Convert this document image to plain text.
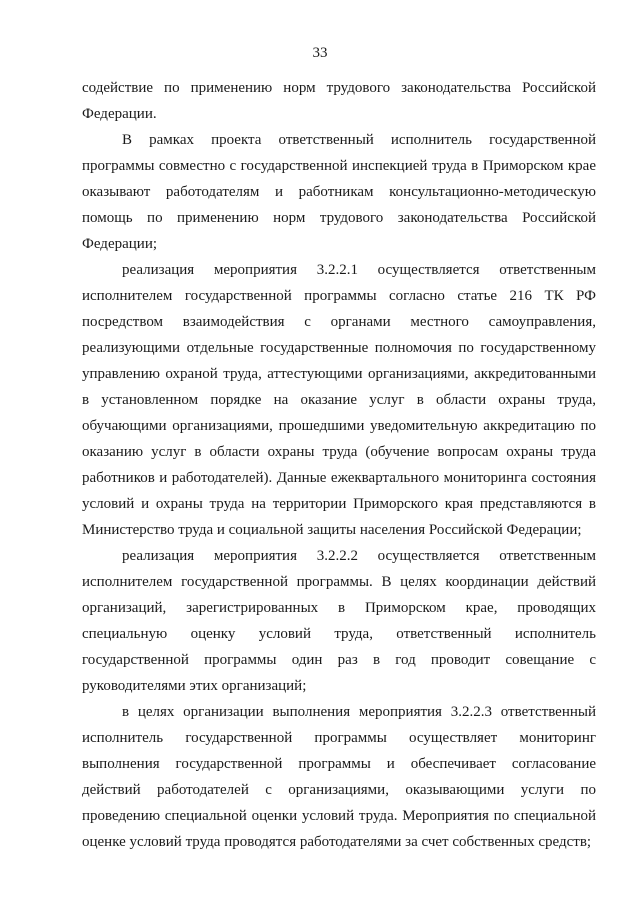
33

содействие по применению норм трудового законодательства Российской
Федерации.

В рамках проекта ответственный исполнитель государственной
программы совместно с государственной инспекцией труда в Приморском крае
оказывают работодателям и работникам консультационно-методическую
помощь по применению норм трудового законодательства Российской
Федерации;

реализация мероприятия 3.2.2.1 осуществляется ответственным
исполнителем государственной программы согласно статье 216 ТК РФ
посредством взаимодействия с органами местного самоуправления,
реализующими отдельные государственные полномочия по государственному
управлению охраной труда, аттестующими организациями, аккредитованными
в установленном порядке на оказание услуг в области охраны труда,
обучающими организациями, прошедшими уведомительную аккредитацию по
оказанию услуг в области охраны труда (обучение вопросам охраны труда
работников и работодателей). Данные ежеквартального мониторинга состояния
условий и охраны труда на территории Приморского края представляются в
Министерство труда и социальной защиты населения Российской Федерации;

реализация мероприятия 3.2.2.2 осуществляется ответственным
исполнителем государственной программы. В целях координации действий
организаций, зарегистрированных в Приморском крае, проводящих
специальную оценку условий труда, ответственный исполнитель
государственной программы один раз в год проводит совещание с
руководителями этих организаций;

в целях организации выполнения мероприятия 3.2.2.3 ответственный
исполнитель государственной программы осуществляет мониторинг
выполнения государственной программы и обеспечивает согласование
действий работодателей с организациями, оказывающими услуги по
проведению специальной оценки условий труда. Мероприятия по специальной
оценке условий труда проводятся работодателями за счет собственных средств;
